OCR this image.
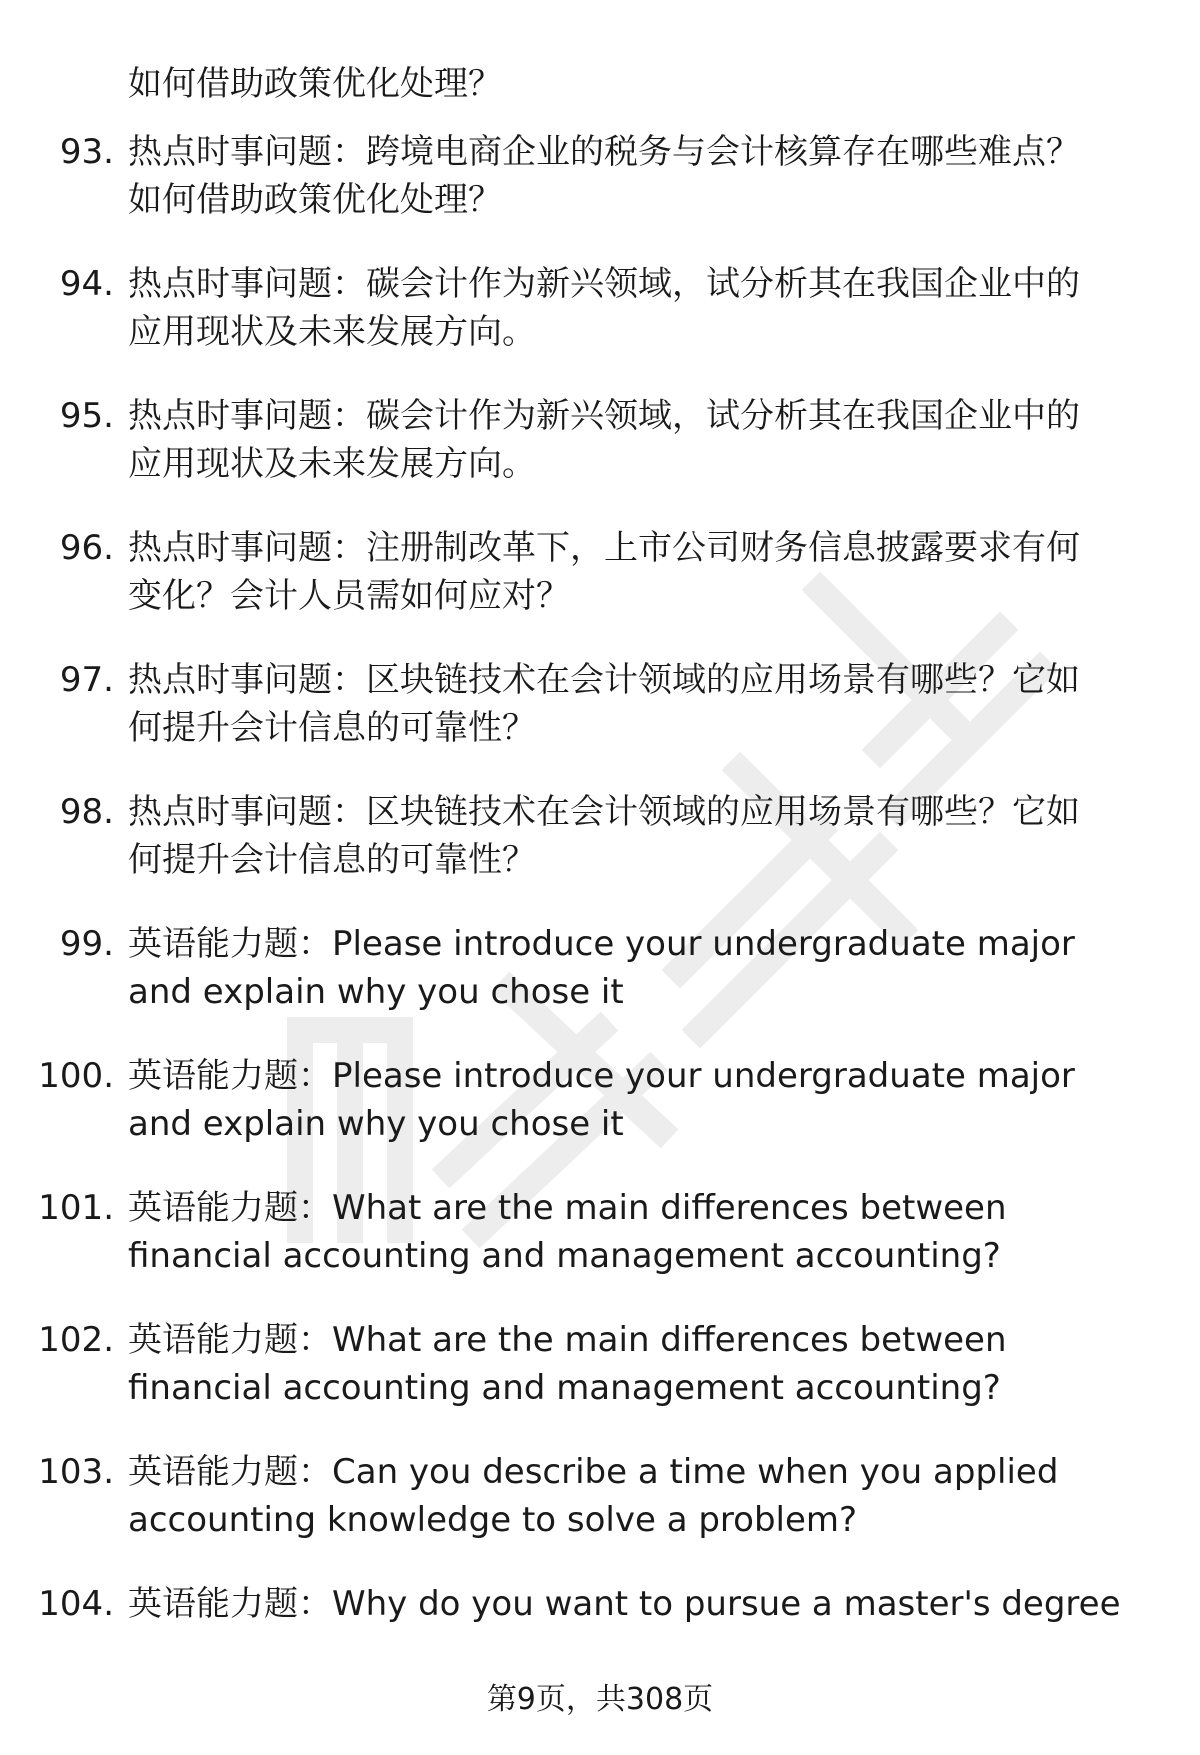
如何借助政策优化处理？
93. 热点时事问题：跨境电商企业的税务与会计核算存在哪些难点？
如何借助政策优化处理？
94. 热点时事问题：碳会计作为新兴领域，试分析其在我国企业中的
应用现状及未来发展方向。
95. 热点时事问题：碳会计作为新兴领域，试分析其在我国企业中的
应用现状及未来发展方向。
96. 热点时事问题：注册制改革下，上市公司财务信息披露要求有何
变化？会计人员需如何应对？
97. 热点时事问题：区块链技术在会计领域的应用场景有哪些？它如
何提升会计信息的可靠性？
98. 热点时事问题：区块链技术在会计领域的应用场景有哪些？它如
何提升会计信息的可靠性？
99. 英语能力题：Please introduce your undergraduate major
and explain why you chose it
100. 英语能力题：Please introduce your undergraduate major
and explain why you chose it
101. 英语能力题：What are the main differences between
financial accounting and management accounting?
102. 英语能力题：What are the main differences between
financial accounting and management accounting?
103. 英语能力题：Can you describe a time when you applied
accounting knowledge to solve a problem?
104. 英语能力题：Why do you want to pursue a master's degree
第9页，共308页
